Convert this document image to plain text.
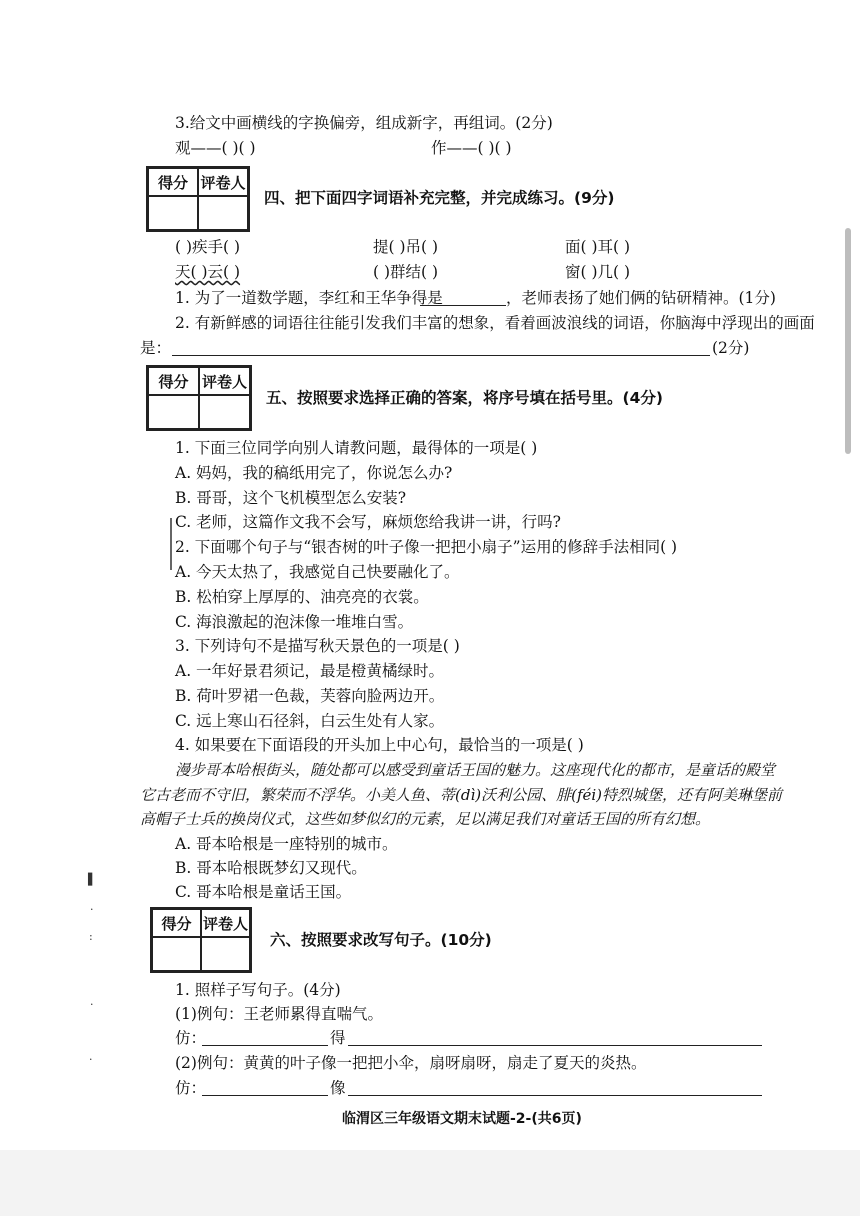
3.给文中画横线的字换偏旁，组成新字，再组词。(2分)
观——( )( )	作——( )( )
得分 评卷人
四、把下面四字词语补充完整，并完成练习。(9分)
( )疾手( )	提( )吊( )	面( )耳( )
天( )云( )	( )群结( )	窗( )几( )
1. 为了一道数学题，李红和王华争得是	，老师表扬了她们俩的钻研精神。(1分)
2. 有新鲜感的词语往往能引发我们丰富的想象，看着画波浪线的词语，你脑海中浮现出的画面
是：	(2分)
得分 评卷人
五、按照要求选择正确的答案，将序号填在括号里。(4分)
1. 下面三位同学向别人请教问题，最得体的一项是( )
A. 妈妈，我的稿纸用完了，你说怎么办?
B. 哥哥，这个飞机模型怎么安装?
C. 老师，这篇作文我不会写，麻烦您给我讲一讲，行吗?
2. 下面哪个句子与“银杏树的叶子像一把把小扇子”运用的修辞手法相同( )
A. 今天太热了，我感觉自己快要融化了。
B. 松柏穿上厚厚的、油亮亮的衣裳。
C. 海浪激起的泡沫像一堆堆白雪。
3. 下列诗句不是描写秋天景色的一项是( )
A. 一年好景君须记，最是橙黄橘绿时。
B. 荷叶罗裙一色裁，芙蓉向脸两边开。
C. 远上寒山石径斜，白云生处有人家。
4. 如果要在下面语段的开头加上中心句，最恰当的一项是( )
漫步哥本哈根街头，随处都可以感受到童话王国的魅力。这座现代化的都市，是童话的殿堂
它古老而不守旧，繁荣而不浮华。小美人鱼、蒂(dì)沃利公园、腓(féi)特烈城堡，还有阿美琳堡前
高帽子士兵的换岗仪式，这些如梦似幻的元素，足以满足我们对童话王国的所有幻想。
A. 哥本哈根是一座特别的城市。
B. 哥本哈根既梦幻又现代。
C. 哥本哈根是童话王国。
▌
·
:
·
·
得分 评卷人
六、按照要求改写句子。(10分)
1. 照样子写句子。(4分)
(1)例句：王老师累得直喘气。
仿：	得
(2)例句：黄黄的叶子像一把把小伞，扇呀扇呀，扇走了夏天的炎热。
仿：	像
临渭区三年级语文期末试题-2-(共6页)
